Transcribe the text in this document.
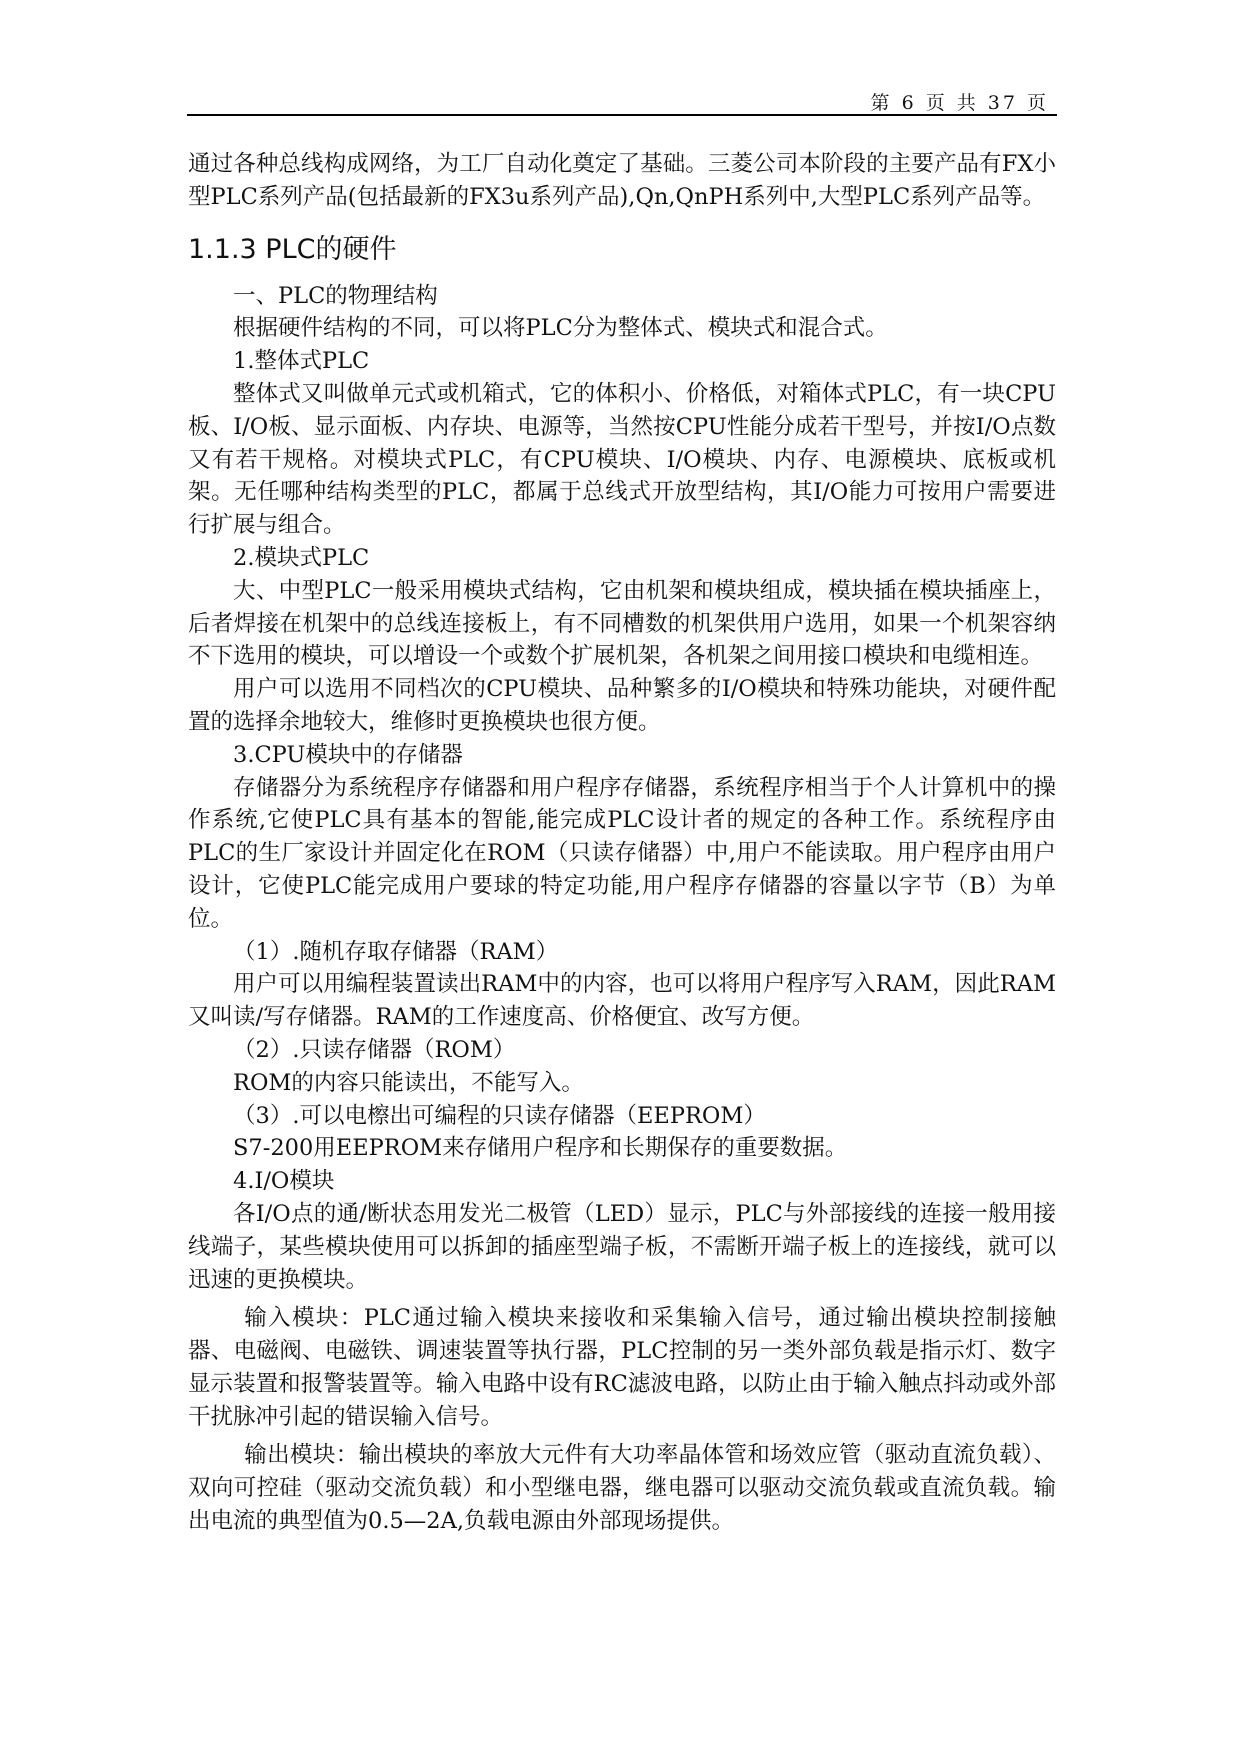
第 6 页 共 37 页

通过各种总线构成网络，为工厂自动化奠定了基础。三菱公司本阶段的主要产品有FX小型PLC系列产品(包括最新的FX3u系列产品),Qn,QnPH系列中,大型PLC系列产品等。

1.1.3 PLC的硬件

一、PLC的物理结构

根据硬件结构的不同，可以将PLC分为整体式、模块式和混合式。

1.整体式PLC

整体式又叫做单元式或机箱式，它的体积小、价格低，对箱体式PLC，有一块CPU板、I/O板、显示面板、内存块、电源等，当然按CPU性能分成若干型号，并按I/O点数又有若干规格。对模块式PLC，有CPU模块、I/O模块、内存、电源模块、底板或机架。无任哪种结构类型的PLC，都属于总线式开放型结构，其I/O能力可按用户需要进行扩展与组合。

2.模块式PLC

大、中型PLC一般采用模块式结构，它由机架和模块组成，模块插在模块插座上，后者焊接在机架中的总线连接板上，有不同槽数的机架供用户选用，如果一个机架容纳不下选用的模块，可以增设一个或数个扩展机架，各机架之间用接口模块和电缆相连。

用户可以选用不同档次的CPU模块、品种繁多的I/O模块和特殊功能块，对硬件配置的选择余地较大，维修时更换模块也很方便。

3.CPU模块中的存储器

存储器分为系统程序存储器和用户程序存储器，系统程序相当于个人计算机中的操作系统,它使PLC具有基本的智能,能完成PLC设计者的规定的各种工作。系统程序由PLC的生厂家设计并固定化在ROM（只读存储器）中,用户不能读取。用户程序由用户设计，它使PLC能完成用户要球的特定功能,用户程序存储器的容量以字节（B）为单位。

（1）.随机存取存储器（RAM）

用户可以用编程装置读出RAM中的内容，也可以将用户程序写入RAM，因此RAM又叫读/写存储器。RAM的工作速度高、价格便宜、改写方便。

（2）.只读存储器（ROM）

ROM的内容只能读出，不能写入。

（3）.可以电檫出可编程的只读存储器（EEPROM）

S7-200用EEPROM来存储用户程序和长期保存的重要数据。

4.I/O模块

各I/O点的通/断状态用发光二极管（LED）显示，PLC与外部接线的连接一般用接线端子，某些模块使用可以拆卸的插座型端子板，不需断开端子板上的连接线，就可以迅速的更换模块。

输入模块：PLC通过输入模块来接收和采集输入信号，通过输出模块控制接触器、电磁阀、电磁铁、调速装置等执行器，PLC控制的另一类外部负载是指示灯、数字显示装置和报警装置等。输入电路中设有RC滤波电路，以防止由于输入触点抖动或外部干扰脉冲引起的错误输入信号。

输出模块：输出模块的率放大元件有大功率晶体管和场效应管（驱动直流负载）、双向可控硅（驱动交流负载）和小型继电器，继电器可以驱动交流负载或直流负载。输出电流的典型值为0.5—2A,负载电源由外部现场提供。
